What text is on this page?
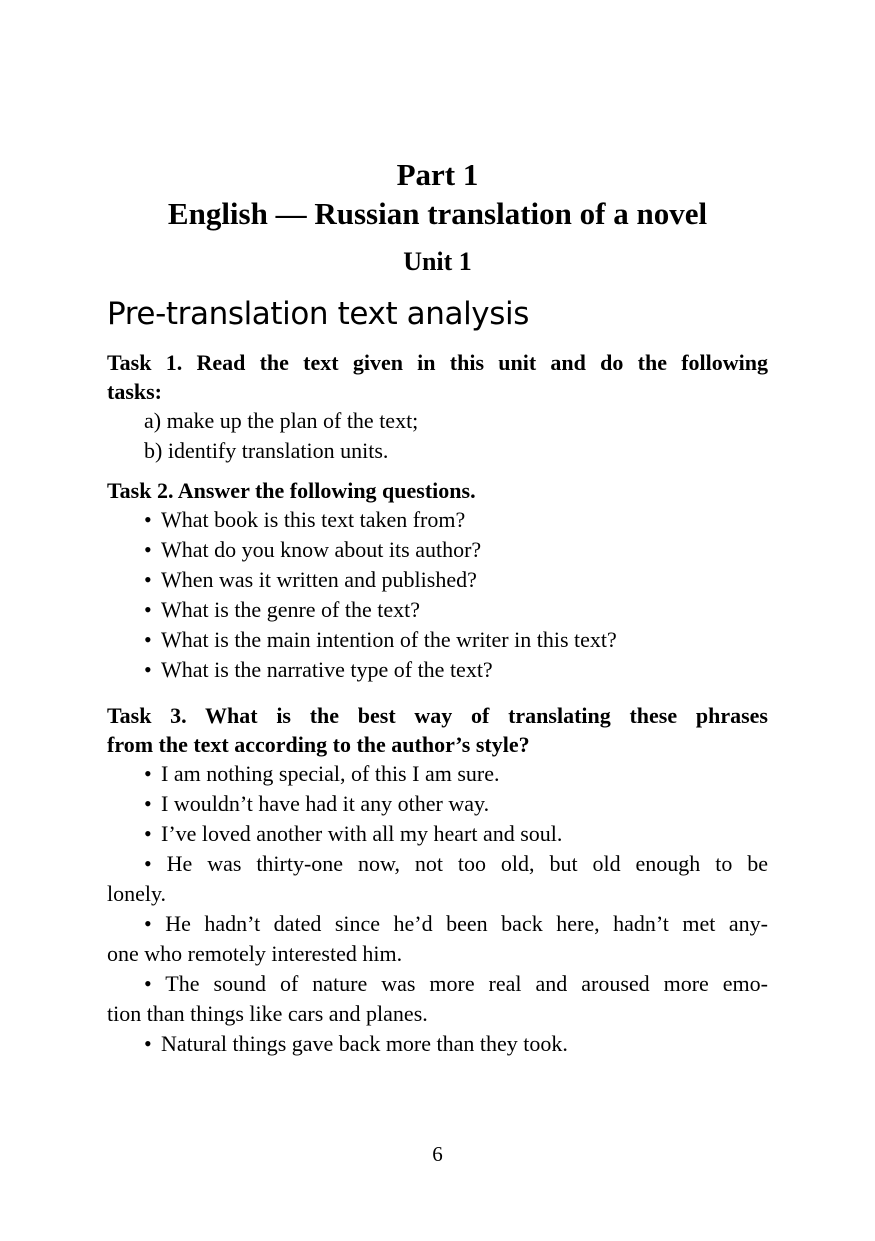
Part 1
English — Russian translation of a novel
Unit 1
Pre-translation text analysis
Task 1. Read the text given in this unit and do the following
tasks:
a) make up the plan of the text;
b) identify translation units.
Task 2. Answer the following questions.
• What book is this text taken from?
• What do you know about its author?
• When was it written and published?
• What is the genre of the text?
• What is the main intention of the writer in this text?
• What is the narrative type of the text?
Task 3. What is the best way of translating these phrases
from the text according to the author’s style?
• I am nothing special, of this I am sure.
• I wouldn’t have had it any other way.
• I’ve loved another with all my heart and soul.
• He was thirty-one now, not too old, but old enough to be
lonely.
• He hadn’t dated since he’d been back here, hadn’t met any-
one who remotely interested him.
• The sound of nature was more real and aroused more emo-
tion than things like cars and planes.
• Natural things gave back more than they took.
6
